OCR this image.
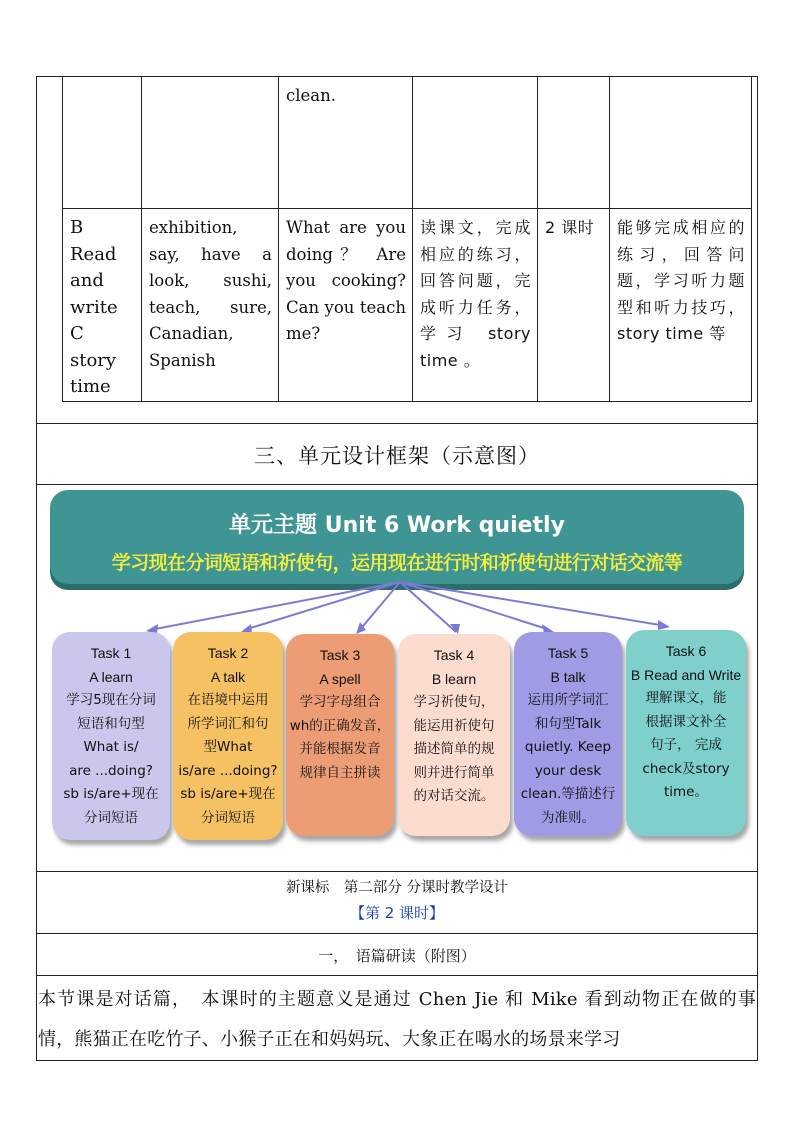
		clean.			

B Read and write C story time	exhibition, say, have a look, sushi, teach, sure, Canadian, Spanish	What are you doing？ Are you cooking? Can you teach me?	读课文，完成相应的练习，回答问题，完成听力任务，学习 story time 。	2 课时	能够完成相应的练习，回答问题，学习听力题型和听力技巧，story time 等
三、单元设计框架（示意图）
单元主题 Unit 6 Work quietly
学习现在分词短语和祈使句，运用现在进行时和祈使句进行对话交流等
Task 1
A learn
学习5现在分词
短语和句型
What is/
are ...doing?
sb is/are+现在
分词短语
Task 2
A talk
在语境中运用
所学词汇和句
型What
is/are ...doing?
sb is/are+现在
分词短语
Task 3
A spell
学习字母组合
wh的正确发音，
并能根据发音
规律自主拼读
Task 4
B learn
学习祈使句，
能运用祈使句
描述简单的规
则并进行简单
的对话交流。
Task 5
B talk
运用所学词汇
和句型Talk
quietly. Keep
your desk
clean.等描述行
为准则。
Task 6
B Read and Write
理解课文，能
根据课文补全
句子， 完成
check及story
time。
新课标　第二部分 分课时教学设计
【第 2 课时】
一，　语篇研读（附图）
本节课是对话篇，　本课时的主题意义是通过 Chen Jie 和 Mike 看到动物正在做的事情，熊猫正在吃竹子、小猴子正在和妈妈玩、大象正在喝水的场景来学习
